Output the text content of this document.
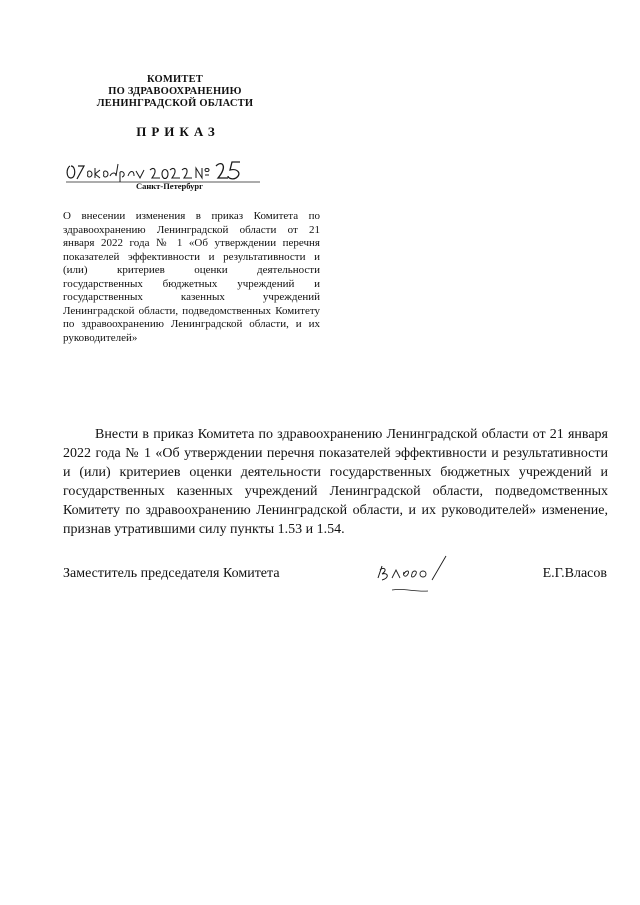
КОМИТЕТ
ПО ЗДРАВООХРАНЕНИЮ
ЛЕНИНГРАДСКОЙ ОБЛАСТИ
ПРИКАЗ
Санкт-Петербург
О внесении изменения в приказ Комитета по здравоохранению Ленинградской области от 21 января 2022 года № 1 «Об утверждении перечня показателей эффективности и результативности и (или) критериев оценки деятельности государственных бюджетных учреждений и государственных казенных учреждений Ленинградской области, подведомственных Комитету по здравоохранению Ленинградской области, и их руководителей»
Внести в приказ Комитета по здравоохранению Ленинградской области от 21 января 2022 года № 1 «Об утверждении перечня показателей эффективности и результативности и (или) критериев оценки деятельности государственных бюджетных учреждений и государственных казенных учреждений Ленинградской области, подведомственных Комитету по здравоохранению Ленинградской области, и их руководителей» изменение, признав утратившими силу пункты 1.53 и 1.54.
Заместитель председателя Комитета	Е.Г.Власов
